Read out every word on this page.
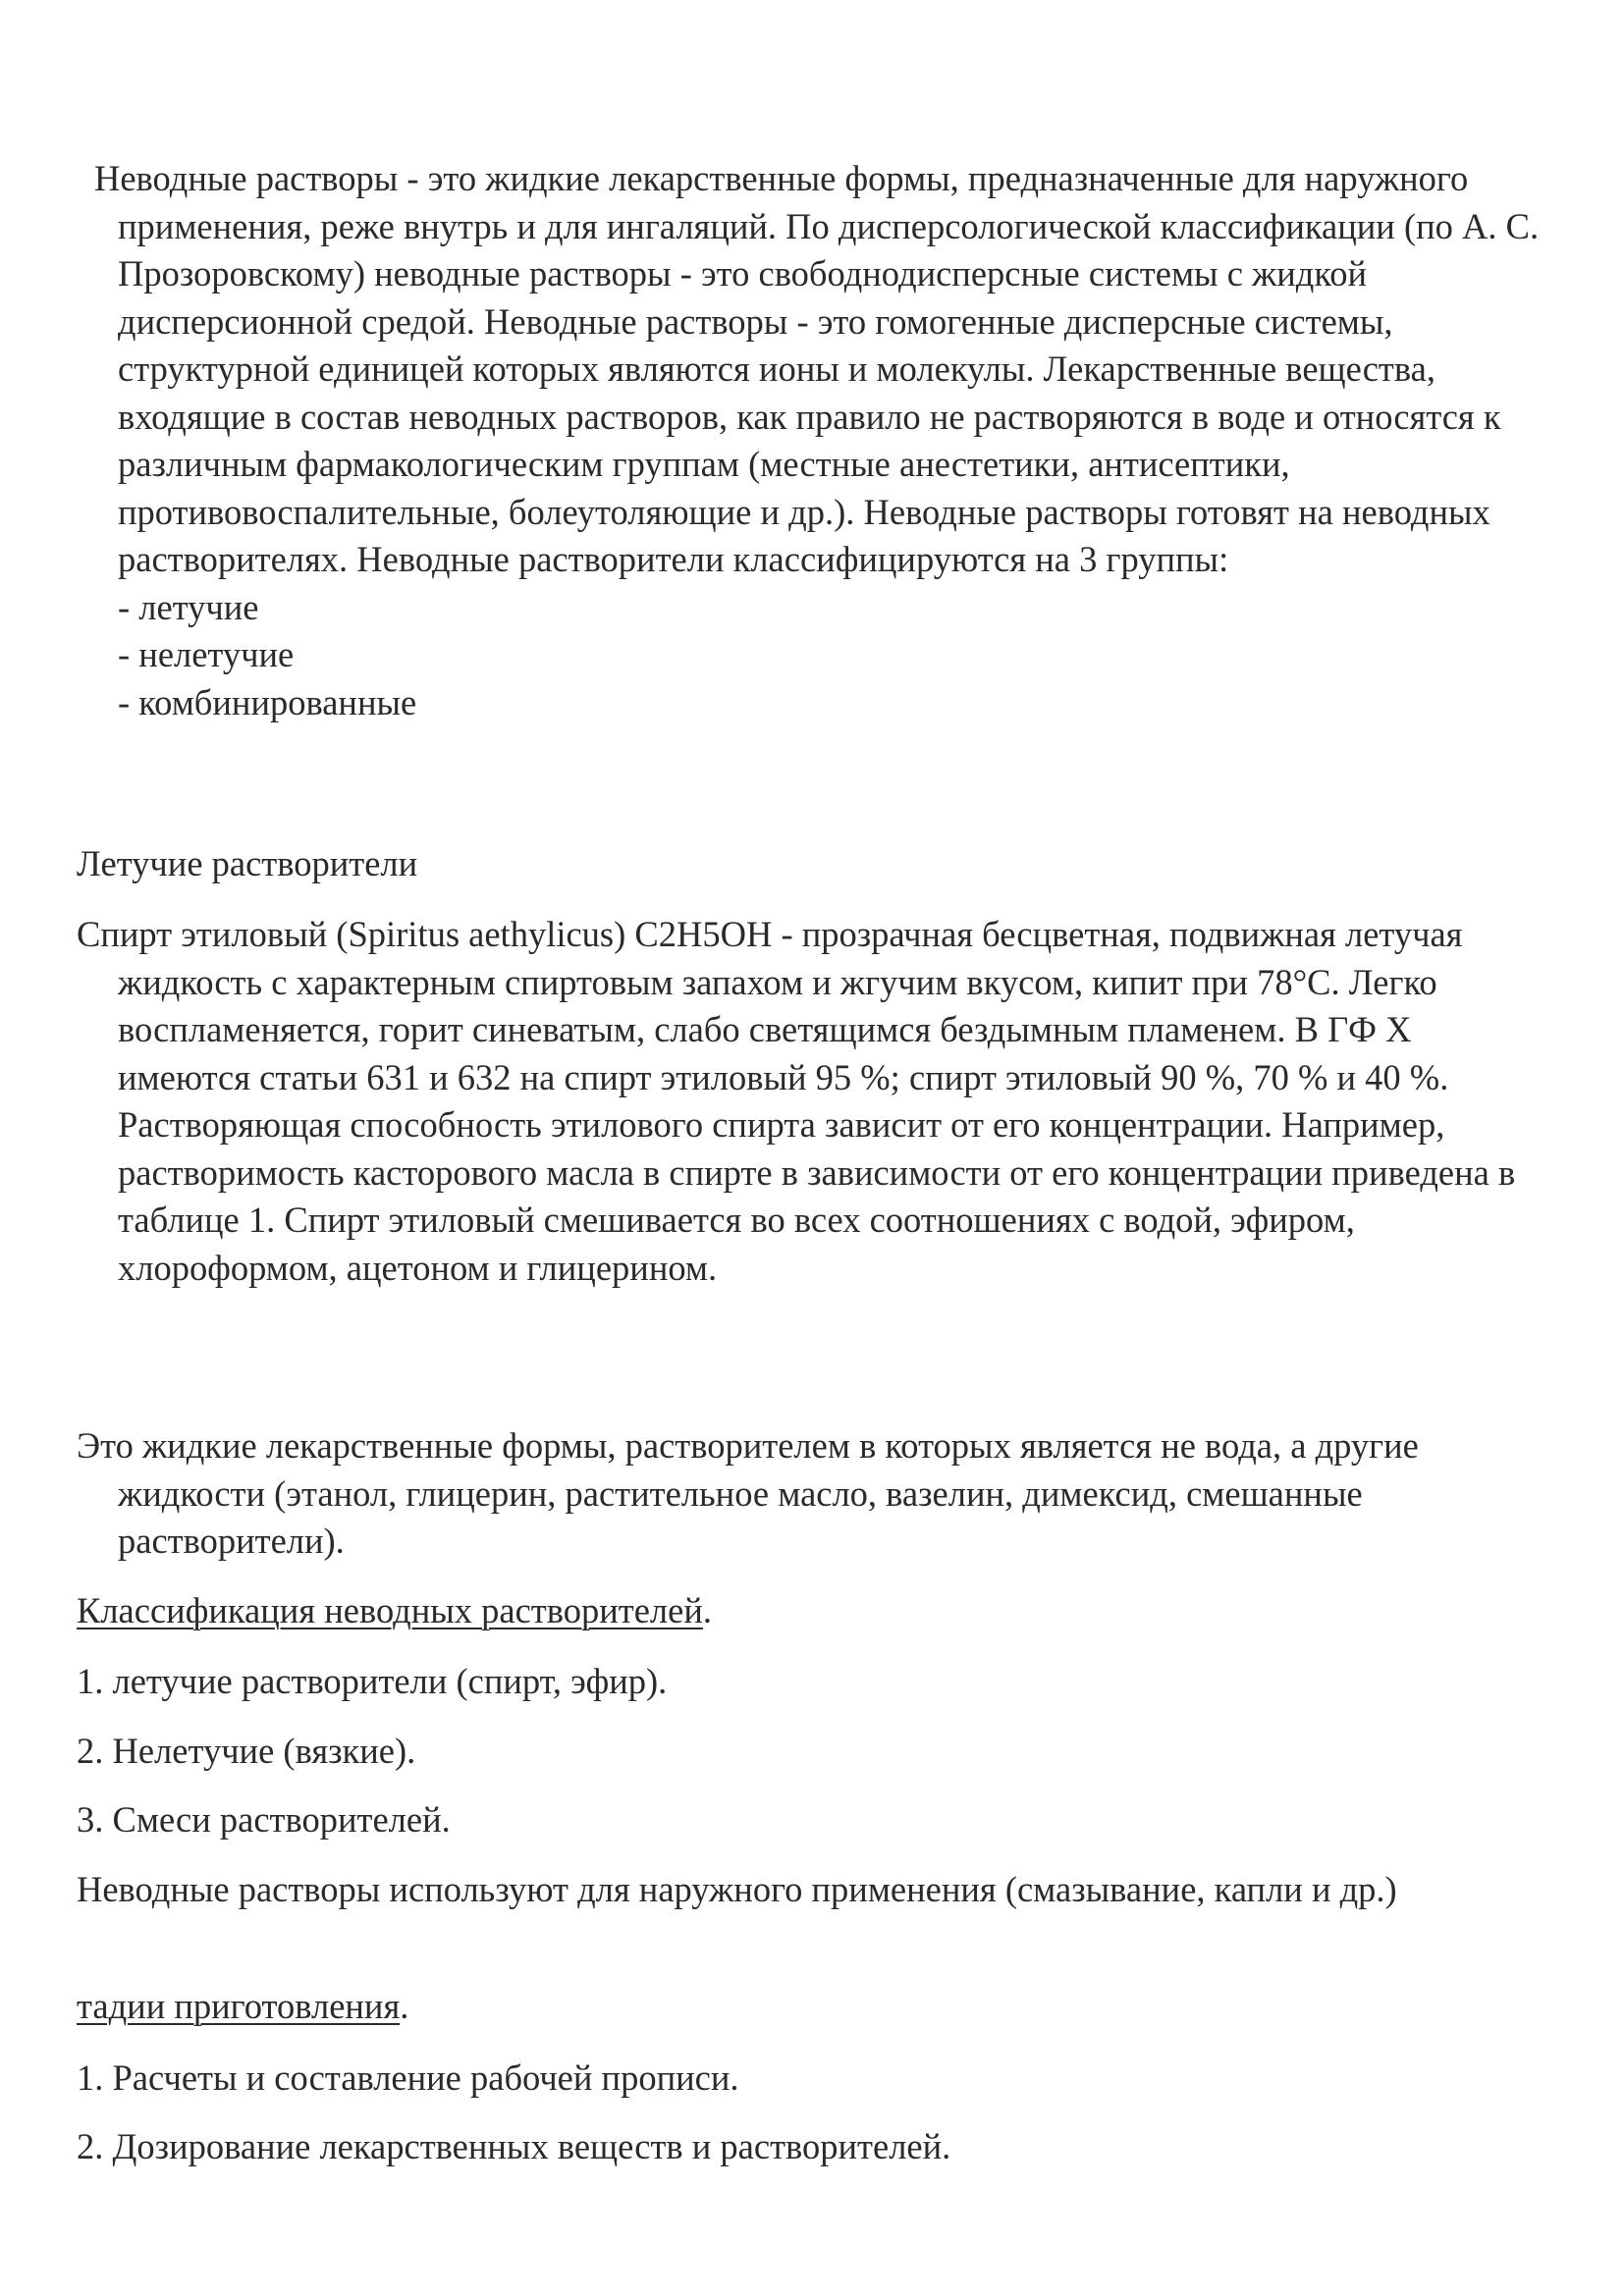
Неводные растворы - это жидкие лекарственные формы, предназначенные для наружного применения, реже внутрь и для ингаляций. По дисперсологической классификации (по А. С. Прозоровскому) неводные растворы - это свободнодисперсные системы с жидкой дисперсионной средой. Неводные растворы - это гомогенные дисперсные системы, структурной единицей которых являются ионы и молекулы. Лекарственные вещества, входящие в состав неводных растворов, как правило не растворяются в воде и относятся к различным фармакологическим группам (местные анестетики, антисептики, противовоспалительные, болеутоляющие и др.). Неводные растворы готовят на неводных растворителях. Неводные растворители классифицируются на 3 группы:

- летучие
- нелетучие
- комбинированные

Летучие растворители

Спирт этиловый (Spiritus aethylicus) C2H5OH - прозрачная бесцветная, подвижная летучая жидкость с характерным спиртовым запахом и жгучим вкусом, кипит при 78°С. Легко воспламеняется, горит синеватым, слабо светящимся бездымным пламенем. В ГФ X имеются статьи 631 и 632 на спирт этиловый 95 %; спирт этиловый 90 %, 70 % и 40 %. Растворяющая способность этилового спирта зависит от его концентрации. Например, растворимость касторового масла в спирте в зависимости от его концентрации приведена в таблице 1. Спирт этиловый смешивается во всех соотношениях с водой, эфиром, хлороформом, ацетоном и глицерином.

Это жидкие лекарственные формы, растворителем в которых является не вода, а другие жидкости (этанол, глицерин, растительное масло, вазелин, димексид, смешанные растворители).

Классификация неводных растворителей.

1. летучие растворители (спирт, эфир).

2. Нелетучие (вязкие).

3. Смеси растворителей.

Неводные растворы используют для наружного применения (смазывание, капли и др.)

тадии приготовления.

1. Расчеты и составление рабочей прописи.

2. Дозирование лекарственных веществ и растворителей.
